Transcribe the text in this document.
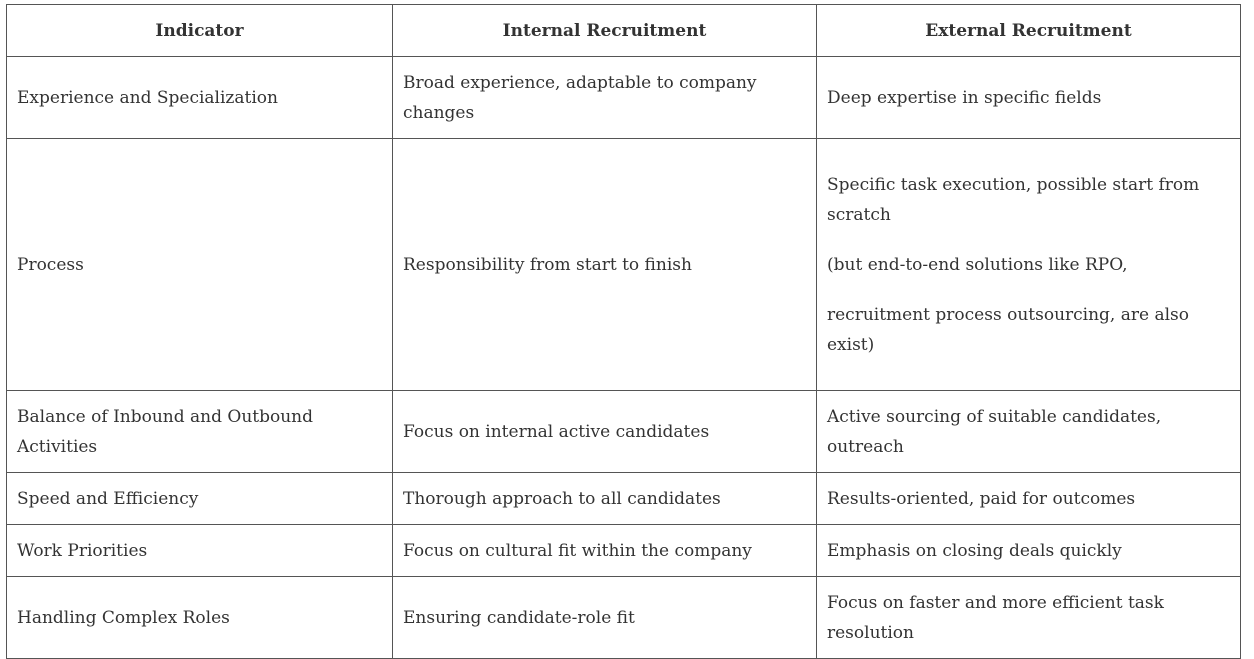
Indicator	Internal Recruitment	External Recruitment
Experience and Specialization	Broad experience, adaptable to company changes	Deep expertise in specific fields

Process	Responsibility from start to finish	Specific task execution, possible start from scratch
(but end-to-end solutions like RPO,
recruitment process outsourcing, are also exist)

Balance of Inbound and Outbound Activities	Focus on internal active candidates	Active sourcing of suitable candidates, outreach

Speed and Efficiency	Thorough approach to all candidates	Results-oriented, paid for outcomes

Work Priorities	Focus on cultural fit within the company	Emphasis on closing deals quickly

Handling Complex Roles	Ensuring candidate-role fit	Focus on faster and more efficient task resolution
